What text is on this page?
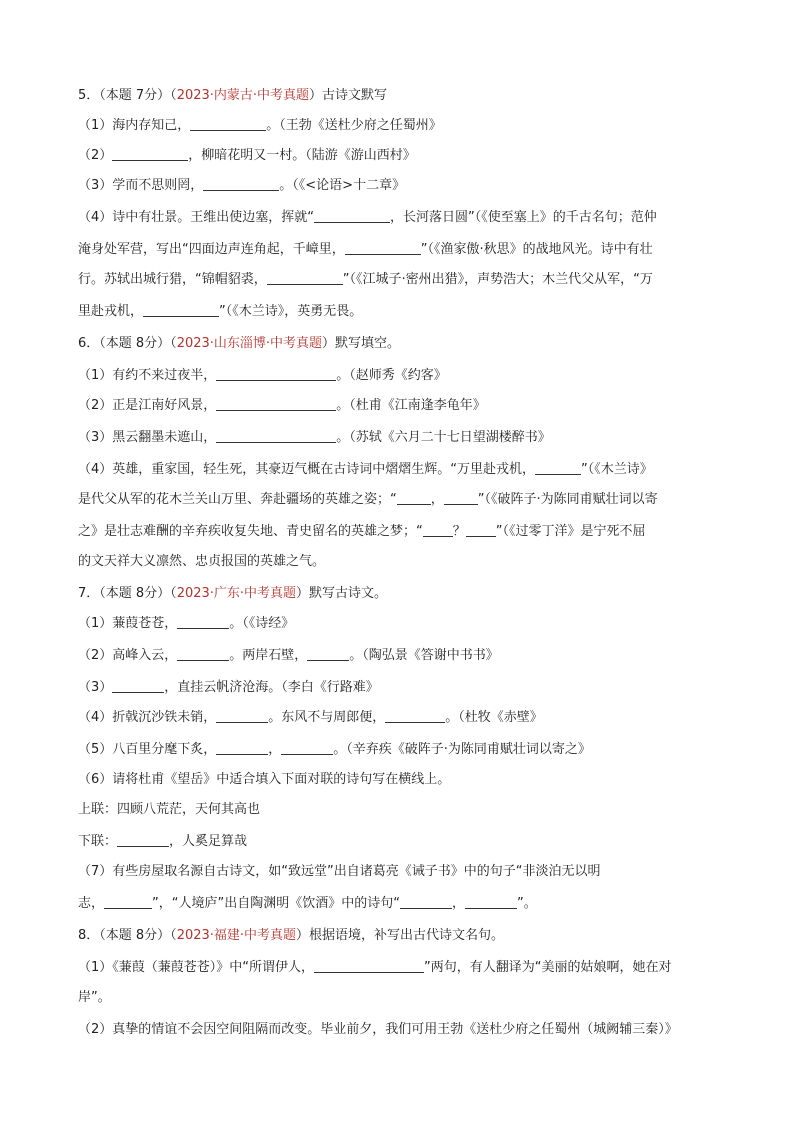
5．（本题 7分）（2023·内蒙古·中考真题）古诗文默写
（1）海内存知己，	。（王勃《送杜少府之任蜀州》
（2）	，柳暗花明又一村。（陆游《游山西村》
（3）学而不思则罔，	。（《<论语>十二章》
（4）诗中有壮景。王维出使边塞，挥就“	，长河落日圆”（《使至塞上》的千古名句；范仲
淹身处军营，写出“四面边声连角起，千嶂里，	”（《渔家傲·秋思》的战地风光。诗中有壮
行。苏轼出城行猎，“锦帽貂裘，	”（《江城子·密州出猎》，声势浩大；木兰代父从军，“万
里赴戎机，	”（《木兰诗》，英勇无畏。
6．（本题 8分）（2023·山东淄博·中考真题）默写填空。
（1）有约不来过夜半，	。（赵师秀《约客》
（2）正是江南好风景，	。（杜甫《江南逢李龟年》
（3）黑云翻墨未遮山，	。（苏轼《六月二十七日望湖楼醉书》
（4）英雄，重家国，轻生死，其豪迈气概在古诗词中熠熠生辉。“万里赴戎机，	”（《木兰诗》
是代父从军的花木兰关山万里、奔赴疆场的英雄之姿；“	，	”（《破阵子·为陈同甫赋壮词以寄
之》是壮志难酬的辛弃疾收复失地、青史留名的英雄之梦；“ ？ ”（《过零丁洋》是宁死不屈
的文天祥大义凛然、忠贞报国的英雄之气。
7．（本题 8分）（2023·广东·中考真题）默写古诗文。
（1）蒹葭苍苍，	。（《诗经》
（2）高峰入云，	。两岸石壁，	。（陶弘景《答谢中书书》
（3）	，直挂云帆济沧海。（李白《行路难》
（4）折戟沉沙铁未销，	。东风不与周郎便，	。（杜牧《赤壁》
（5）八百里分麾下炙，	，	。（辛弃疾《破阵子·为陈同甫赋壮词以寄之》
（6）请将杜甫《望岳》中适合填入下面对联的诗句写在横线上。
上联：四顾八荒茫，天何其高也
下联：	，人奚足算哉
（7）有些房屋取名源自古诗文，如“致远堂”出自诸葛亮《诫子书》中的句子“非淡泊无以明
志，	”，“人境庐”出自陶渊明《饮酒》中的诗句“	，	”。
8．（本题 8分）（2023·福建·中考真题）根据语境，补写出古代诗文名句。
（1）《蒹葭（蒹葭苍苍）》中“所谓伊人，	”两句，有人翻译为“美丽的姑娘啊，她在对
岸”。
（2）真挚的情谊不会因空间阻隔而改变。毕业前夕，我们可用王勃《送杜少府之任蜀州（城阙辅三秦）》
